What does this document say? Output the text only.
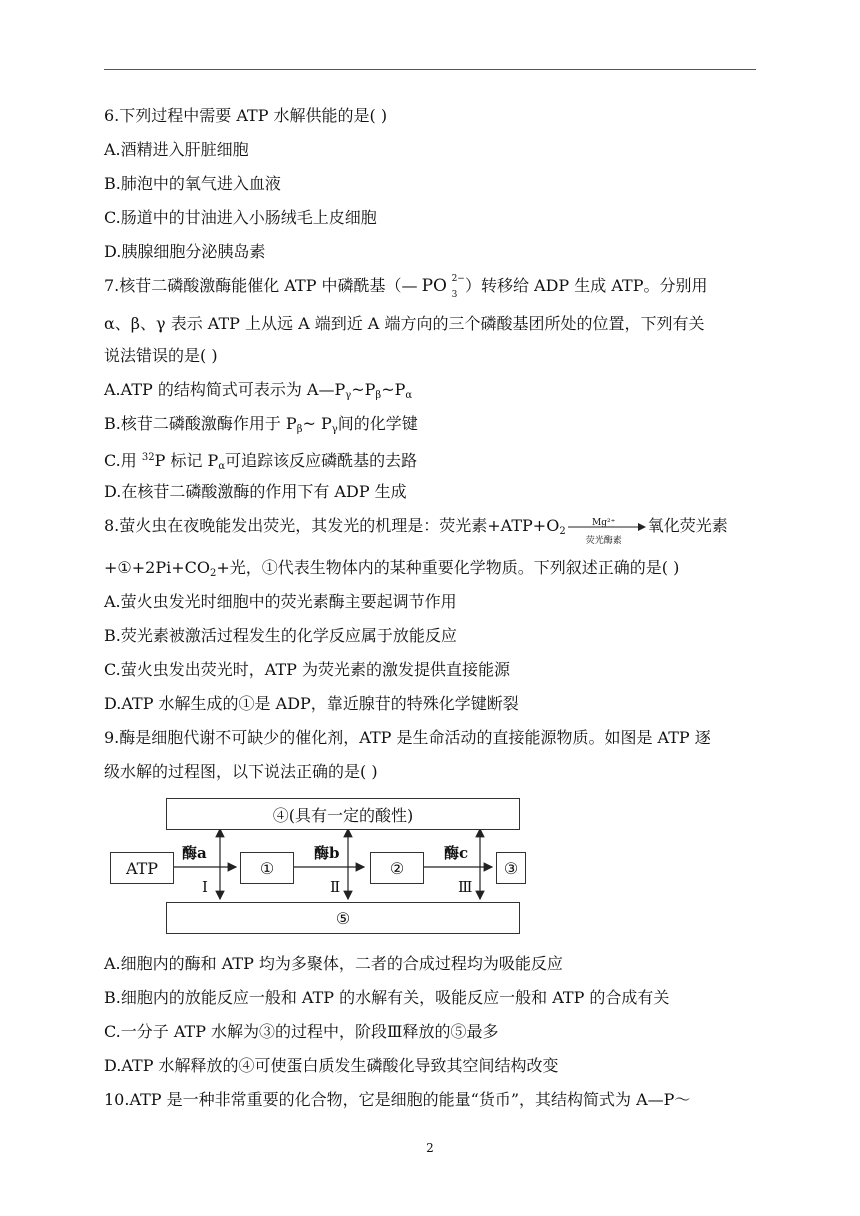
6.下列过程中需要 ATP 水解供能的是( )
A.酒精进入肝脏细胞
B.肺泡中的氧气进入血液
C.肠道中的甘油进入小肠绒毛上皮细胞
D.胰腺细胞分泌胰岛素
7.核苷二磷酸激酶能催化 ATP 中磷酰基（— PO 2−
3 ）转移给 ADP 生成 ATP。分别用
α、β、γ 表示 ATP 上从远 A 端到近 A 端方向的三个磷酸基团所处的位置，下列有关
说法错误的是( )
A.ATP 的结构简式可表示为 $A—P_\gamma\sim P_\beta\sim P_\alpha$
B.核苷二磷酸激酶作用于 $P_\beta\sim$ $P_\gamma$间的化学键
C.用 $^{32}$P 标记 $P_\alpha$可追踪该反应磷酰基的去路
D.在核苷二磷酸激酶的作用下有 ADP 生成
8.萤火虫在夜晚能发出荧光，其发光的机理是：荧光素$+ATP+O_2$
Mg²⁺
荧光酶素
氧化荧光素
$+①+2Pi+CO_2+$光，①代表生物体内的某种重要化学物质。下列叙述正确的是( )
A.萤火虫发光时细胞中的荧光素酶主要起调节作用
B.荧光素被激活过程发生的化学反应属于放能反应
C.萤火虫发出荧光时，ATP 为荧光素的激发提供直接能源
D.ATP 水解生成的①是 ADP，靠近腺苷的特殊化学键断裂
9.酶是细胞代谢不可缺少的催化剂，ATP 是生命活动的直接能源物质。如图是 ATP 逐
级水解的过程图，以下说法正确的是( )
④(具有一定的酸性)
⑤
ATP	①	②	③
酶a	酶b	酶c
Ⅰ	Ⅱ	Ⅲ
A.细胞内的酶和 ATP 均为多聚体，二者的合成过程均为吸能反应
B.细胞内的放能反应一般和 ATP 的水解有关，吸能反应一般和 ATP 的合成有关
C.一分子 ATP 水解为③的过程中，阶段Ⅲ释放的⑤最多
D.ATP 水解释放的④可使蛋白质发生磷酸化导致其空间结构改变
10.ATP 是一种非常重要的化合物，它是细胞的能量“货币”，其结构简式为 A—P～
2
